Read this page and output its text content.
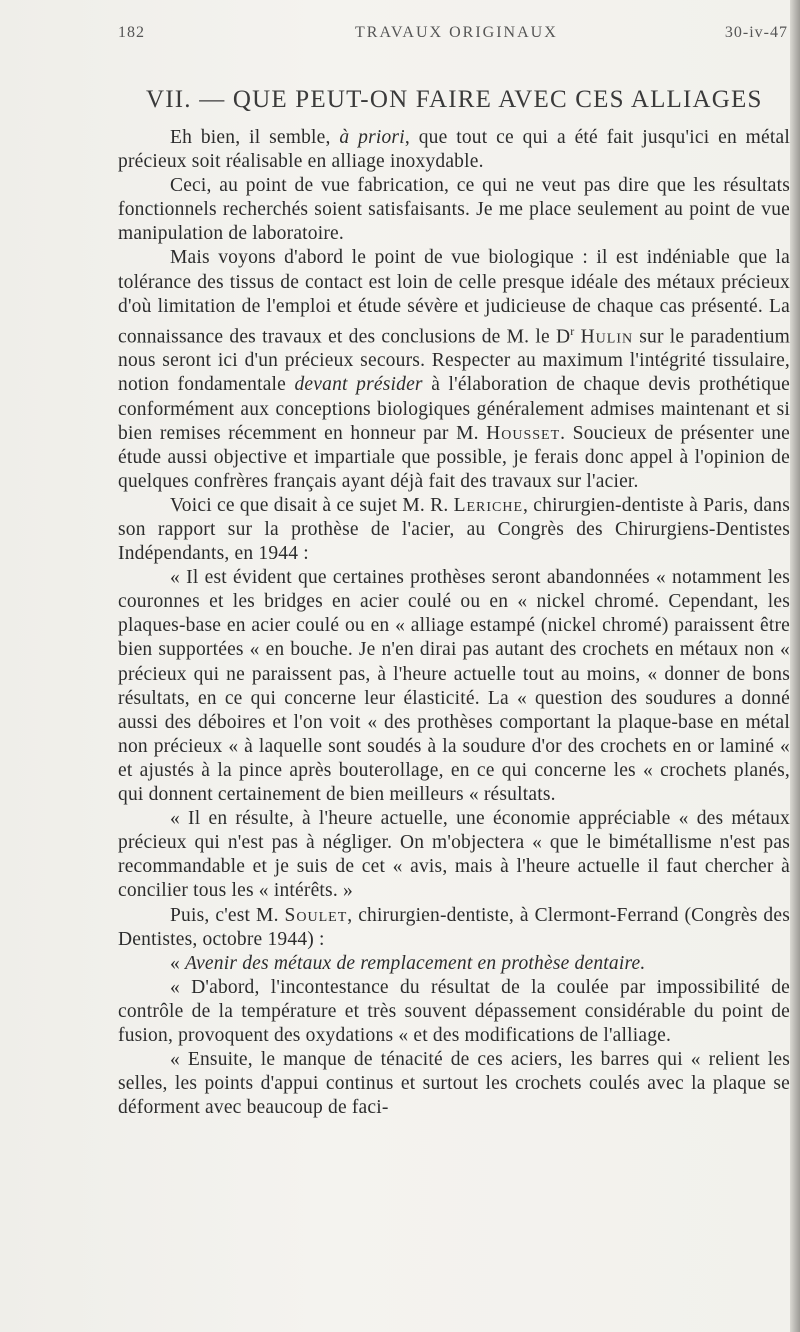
182	TRAVAUX ORIGINAUX	30-iv-47
VII. — QUE PEUT-ON FAIRE AVEC CES ALLIAGES

Eh bien, il semble, à priori, que tout ce qui a été fait jusqu'ici en métal précieux soit réalisable en alliage inoxydable.

Ceci, au point de vue fabrication, ce qui ne veut pas dire que les résultats fonctionnels recherchés soient satisfaisants. Je me place seulement au point de vue manipulation de laboratoire.

Mais voyons d'abord le point de vue biologique : il est indéniable que la tolérance des tissus de contact est loin de celle presque idéale des métaux précieux d'où limitation de l'emploi et étude sévère et judicieuse de chaque cas présenté. La connaissance des travaux et des conclusions de M. le $D^r$ Hulin sur le paradentium nous seront ici d'un précieux secours. Respecter au maximum l'intégrité tissulaire, notion fondamentale devant présider à l'élaboration de chaque devis prothétique conformément aux conceptions biologiques généralement admises maintenant et si bien remises récemment en honneur par M. Housset. Soucieux de présenter une étude aussi objective et impartiale que possible, je ferais donc appel à l'opinion de quelques confrères français ayant déjà fait des travaux sur l'acier.

Voici ce que disait à ce sujet M. R. Leriche, chirurgien-dentiste à Paris, dans son rapport sur la prothèse de l'acier, au Congrès des Chirurgiens-Dentistes Indépendants, en 1944 :

« Il est évident que certaines prothèses seront abandonnées « notamment les couronnes et les bridges en acier coulé ou en « nickel chromé. Cependant, les plaques-base en acier coulé ou en « alliage estampé (nickel chromé) paraissent être bien supportées « en bouche. Je n'en dirai pas autant des crochets en métaux non « précieux qui ne paraissent pas, à l'heure actuelle tout au moins, « donner de bons résultats, en ce qui concerne leur élasticité. La « question des soudures a donné aussi des déboires et l'on voit « des prothèses comportant la plaque-base en métal non précieux « à laquelle sont soudés à la soudure d'or des crochets en or laminé « et ajustés à la pince après bouterollage, en ce qui concerne les « crochets planés, qui donnent certainement de bien meilleurs « résultats.

« Il en résulte, à l'heure actuelle, une économie appréciable « des métaux précieux qui n'est pas à négliger. On m'objectera « que le bimétallisme n'est pas recommandable et je suis de cet « avis, mais à l'heure actuelle il faut chercher à concilier tous les « intérêts. »

Puis, c'est M. Soulet, chirurgien-dentiste, à Clermont-Ferrand (Congrès des Dentistes, octobre 1944) :

« Avenir des métaux de remplacement en prothèse dentaire.

« D'abord, l'incontestance du résultat de la coulée par impossibilité de contrôle de la température et très souvent dépassement considérable du point de fusion, provoquent des oxydations « et des modifications de l'alliage.

« Ensuite, le manque de ténacité de ces aciers, les barres qui « relient les selles, les points d'appui continus et surtout les crochets coulés avec la plaque se déforment avec beaucoup de faci-
